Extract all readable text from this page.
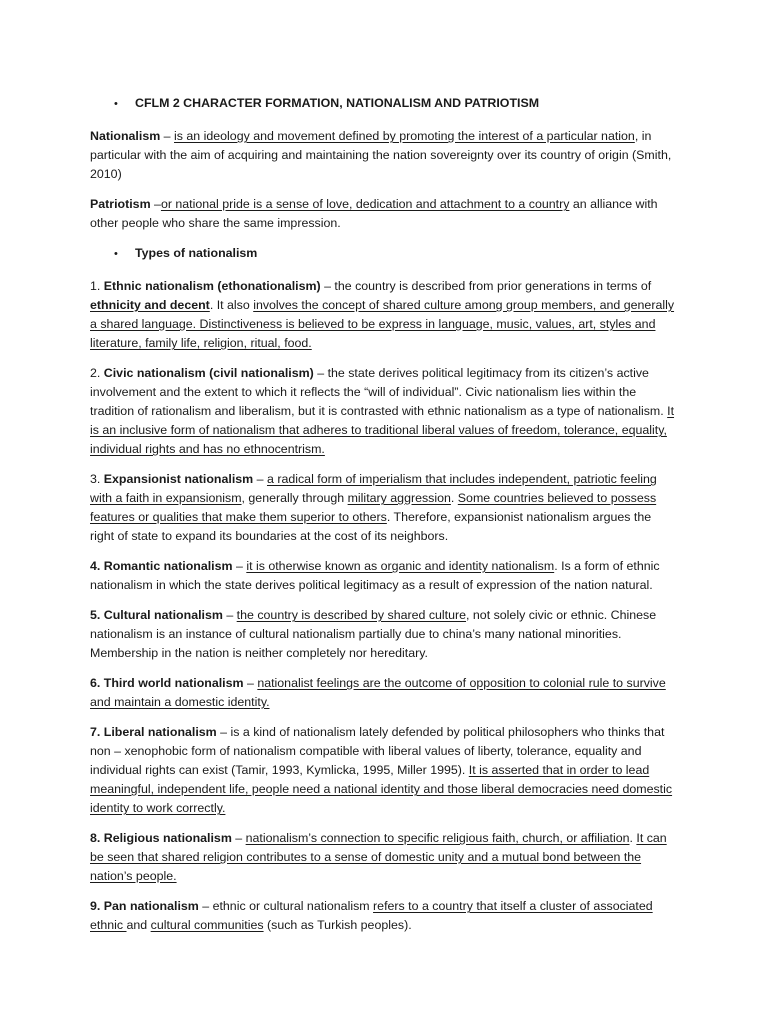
•	CFLM 2 CHARACTER FORMATION, NATIONALISM AND PATRIOTISM

Nationalism – is an ideology and movement defined by promoting the interest of a particular nation, in particular with the aim of acquiring and maintaining the nation sovereignty over its country of origin (Smith, 2010)

Patriotism –or national pride is a sense of love, dedication and attachment to a country an alliance with other people who share the same impression.

•	Types of nationalism

1. Ethnic nationalism (ethonationalism) – the country is described from prior generations in terms of ethnicity and decent. It also involves the concept of shared culture among group members, and generally a shared language. Distinctiveness is believed to be express in language, music, values, art, styles and literature, family life, religion, ritual, food.

2. Civic nationalism (civil nationalism) – the state derives political legitimacy from its citizen’s active involvement and the extent to which it reflects the “will of individual”. Civic nationalism lies within the tradition of rationalism and liberalism, but it is contrasted with ethnic nationalism as a type of nationalism. It is an inclusive form of nationalism that adheres to traditional liberal values of freedom, tolerance, equality, individual rights and has no ethnocentrism.

3. Expansionist nationalism – a radical form of imperialism that includes independent, patriotic feeling with a faith in expansionism, generally through military aggression. Some countries believed to possess features or qualities that make them superior to others. Therefore, expansionist nationalism argues the right of state to expand its boundaries at the cost of its neighbors.

4. Romantic nationalism – it is otherwise known as organic and identity nationalism. Is a form of ethnic nationalism in which the state derives political legitimacy as a result of expression of the nation natural.

5. Cultural nationalism – the country is described by shared culture, not solely civic or ethnic. Chinese nationalism is an instance of cultural nationalism partially due to china’s many national minorities. Membership in the nation is neither completely nor hereditary.

6. Third world nationalism – nationalist feelings are the outcome of opposition to colonial rule to survive and maintain a domestic identity.

7. Liberal nationalism – is a kind of nationalism lately defended by political philosophers who thinks that non – xenophobic form of nationalism compatible with liberal values of liberty, tolerance, equality and individual rights can exist (Tamir, 1993, Kymlicka, 1995, Miller 1995). It is asserted that in order to lead meaningful, independent life, people need a national identity and those liberal democracies need domestic identity to work correctly.

8. Religious nationalism – nationalism’s connection to specific religious faith, church, or affiliation. It can be seen that shared religion contributes to a sense of domestic unity and a mutual bond between the nation’s people.

9. Pan nationalism – ethnic or cultural nationalism refers to a country that itself a cluster of associated ethnic and cultural communities (such as Turkish peoples).
